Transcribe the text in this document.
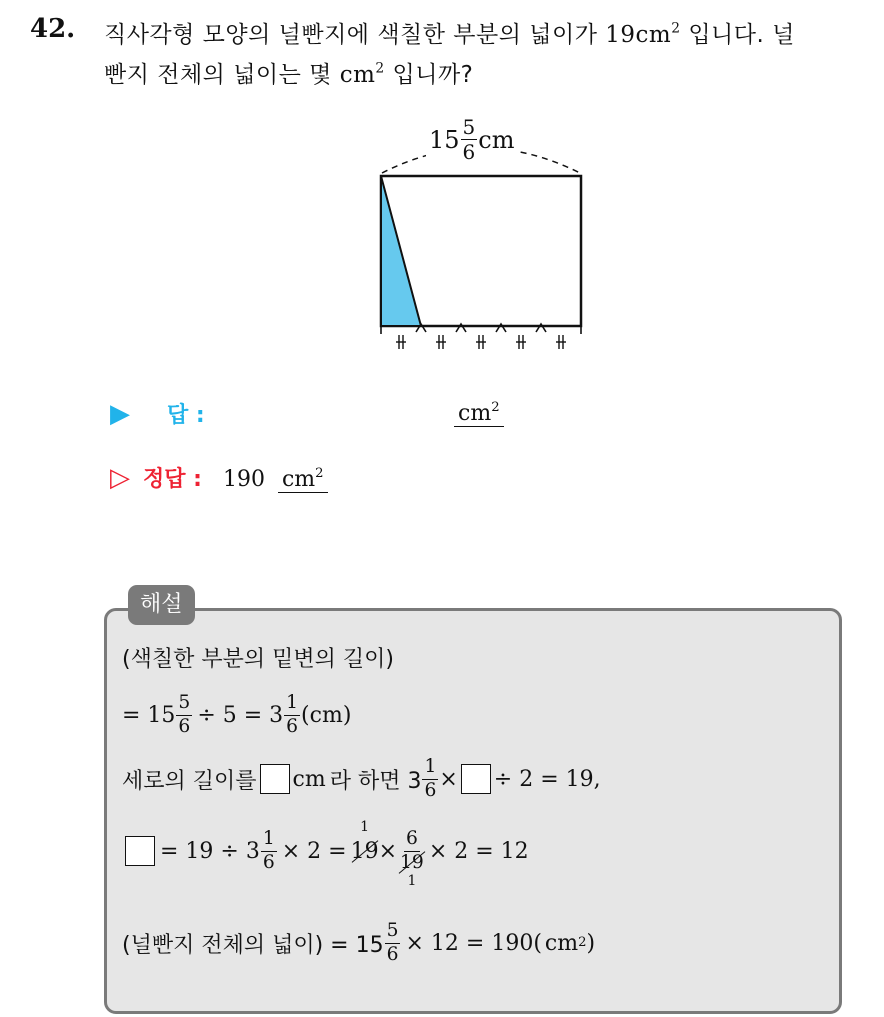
42. 직사각형 모양의 널빤지에 색칠한 부분의 넓이가 $19cm^2$ 입니다. 널
빤지 전체의 넓이는 몇 $cm^2$ 입니까?
$15 \frac{5}{6}$ cm
▶ 답 :	$cm^2$
▷ 정답 : 190 $cm^2$
해설
(색칠한 부분의 밑변의 길이)
= $15 \frac{5}{6} \div 5 = 3 \frac{1}{6} (cm)$
세로의 길이를 cm 라 하면 $3 \frac{1}{6}$ × ÷ 2 = 19,
= $19 \div 3 \frac{1}{6} \times 2$ =
1
19 × 6
19
1 × 2 = 12
(널빤지 전체의 넓이) = $15 \frac{5}{6} \times 12 = 190$( cm 2 )
